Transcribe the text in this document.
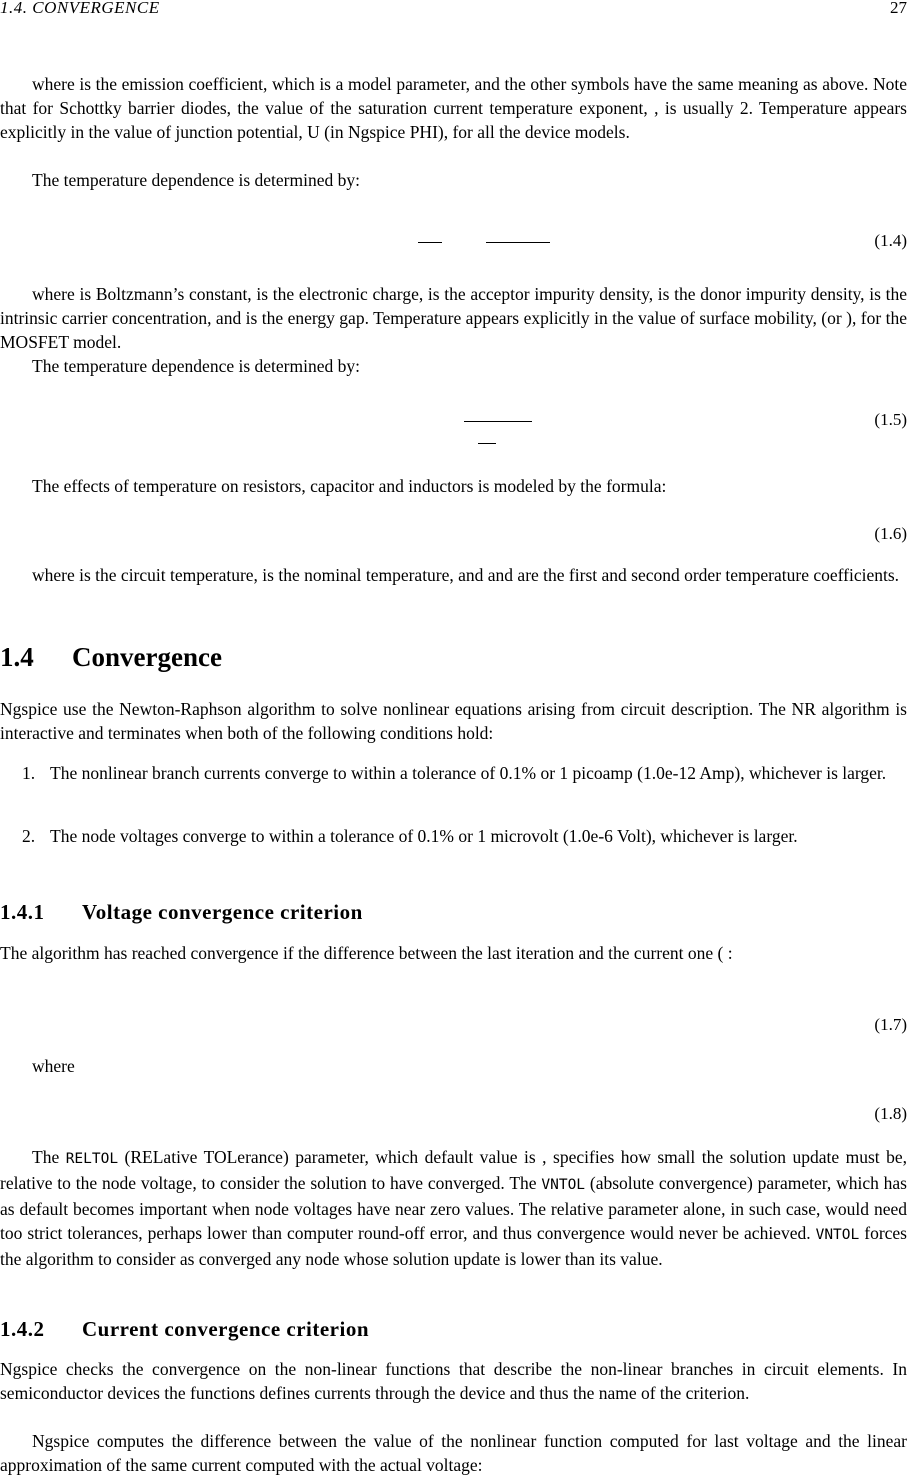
1.4. CONVERGENCE	27
where is the emission coefficient, which is a model parameter, and the other symbols have the same meaning as above. Note that for Schottky barrier diodes, the value of the saturation current temperature exponent, , is usually 2. Temperature appears explicitly in the value of junction potential, U (in Ngspice PHI), for all the device models.
The temperature dependence is determined by:
(1.4)
where is Boltzmann’s constant, is the electronic charge, is the acceptor impurity density, is the donor impurity density, is the intrinsic carrier concentration, and is the energy gap. Temperature appears explicitly in the value of surface mobility, (or ), for the MOSFET model.
The temperature dependence is determined by:
(1.5)
The effects of temperature on resistors, capacitor and inductors is modeled by the formula:
(1.6)
where is the circuit temperature, is the nominal temperature, and and are the first and second order temperature coefficients.
1.4 Convergence
Ngspice use the Newton-Raphson algorithm to solve nonlinear equations arising from circuit description. The NR algorithm is interactive and terminates when both of the following conditions hold:
1. The nonlinear branch currents converge to within a tolerance of 0.1% or 1 picoamp (1.0e-12 Amp), whichever is larger.
2. The node voltages converge to within a tolerance of 0.1% or 1 microvolt (1.0e-6 Volt), whichever is larger.
1.4.1 Voltage convergence criterion
The algorithm has reached convergence if the difference between the last iteration and the current one ( :
(1.7)
where
(1.8)
The RELTOL (RELative TOLerance) parameter, which default value is , specifies how small the solution update must be, relative to the node voltage, to consider the solution to have converged. The VNTOL (absolute convergence) parameter, which has as default becomes important when node voltages have near zero values. The relative parameter alone, in such case, would need too strict tolerances, perhaps lower than computer round-off error, and thus convergence would never be achieved. VNTOL forces the algorithm to consider as converged any node whose solution update is lower than its value.
1.4.2 Current convergence criterion
Ngspice checks the convergence on the non-linear functions that describe the non-linear branches in circuit elements. In semiconductor devices the functions defines currents through the device and thus the name of the criterion.
Ngspice computes the difference between the value of the nonlinear function computed for last voltage and the linear approximation of the same current computed with the actual voltage:
